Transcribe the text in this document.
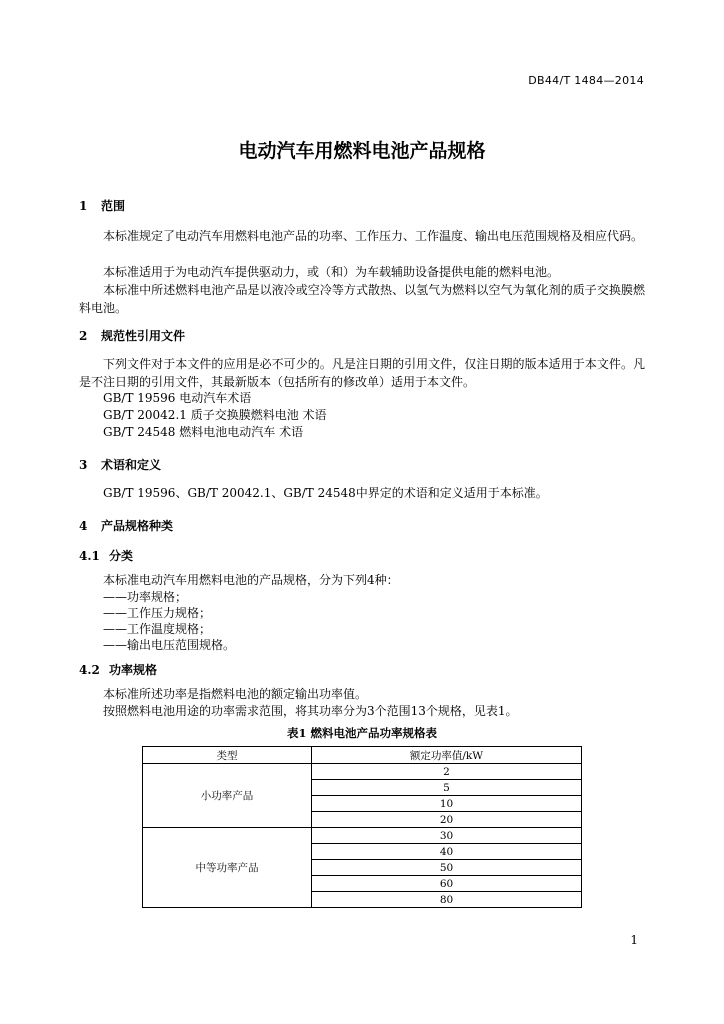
DB44/T 1484—2014
电动汽车用燃料电池产品规格
1 范围
本标准规定了电动汽车用燃料电池产品的功率、工作压力、工作温度、输出电压范围规格及相应代码。
本标准适用于为电动汽车提供驱动力，或（和）为车载辅助设备提供电能的燃料电池。
本标准中所述燃料电池产品是以液冷或空冷等方式散热、以氢气为燃料以空气为氧化剂的质子交换膜燃料电池。
2 规范性引用文件
下列文件对于本文件的应用是必不可少的。凡是注日期的引用文件，仅注日期的版本适用于本文件。凡是不注日期的引用文件，其最新版本（包括所有的修改单）适用于本文件。
GB/T 19596 电动汽车术语
GB/T 20042.1 质子交换膜燃料电池 术语
GB/T 24548 燃料电池电动汽车 术语
3 术语和定义
GB/T 19596、GB/T 20042.1、GB/T 24548中界定的术语和定义适用于本标准。
4 产品规格种类
4.1 分类
本标准电动汽车用燃料电池的产品规格，分为下列4种：
——功率规格；
——工作压力规格；
——工作温度规格；
——输出电压范围规格。
4.2 功率规格
本标准所述功率是指燃料电池的额定输出功率值。
按照燃料电池用途的功率需求范围，将其功率分为3个范围13个规格，见表1。
表1 燃料电池产品功率规格表
类型	额定功率值/kW
小功率产品	2
	5
	10
	20
中等功率产品	30
	40
	50
	60
	80
1
